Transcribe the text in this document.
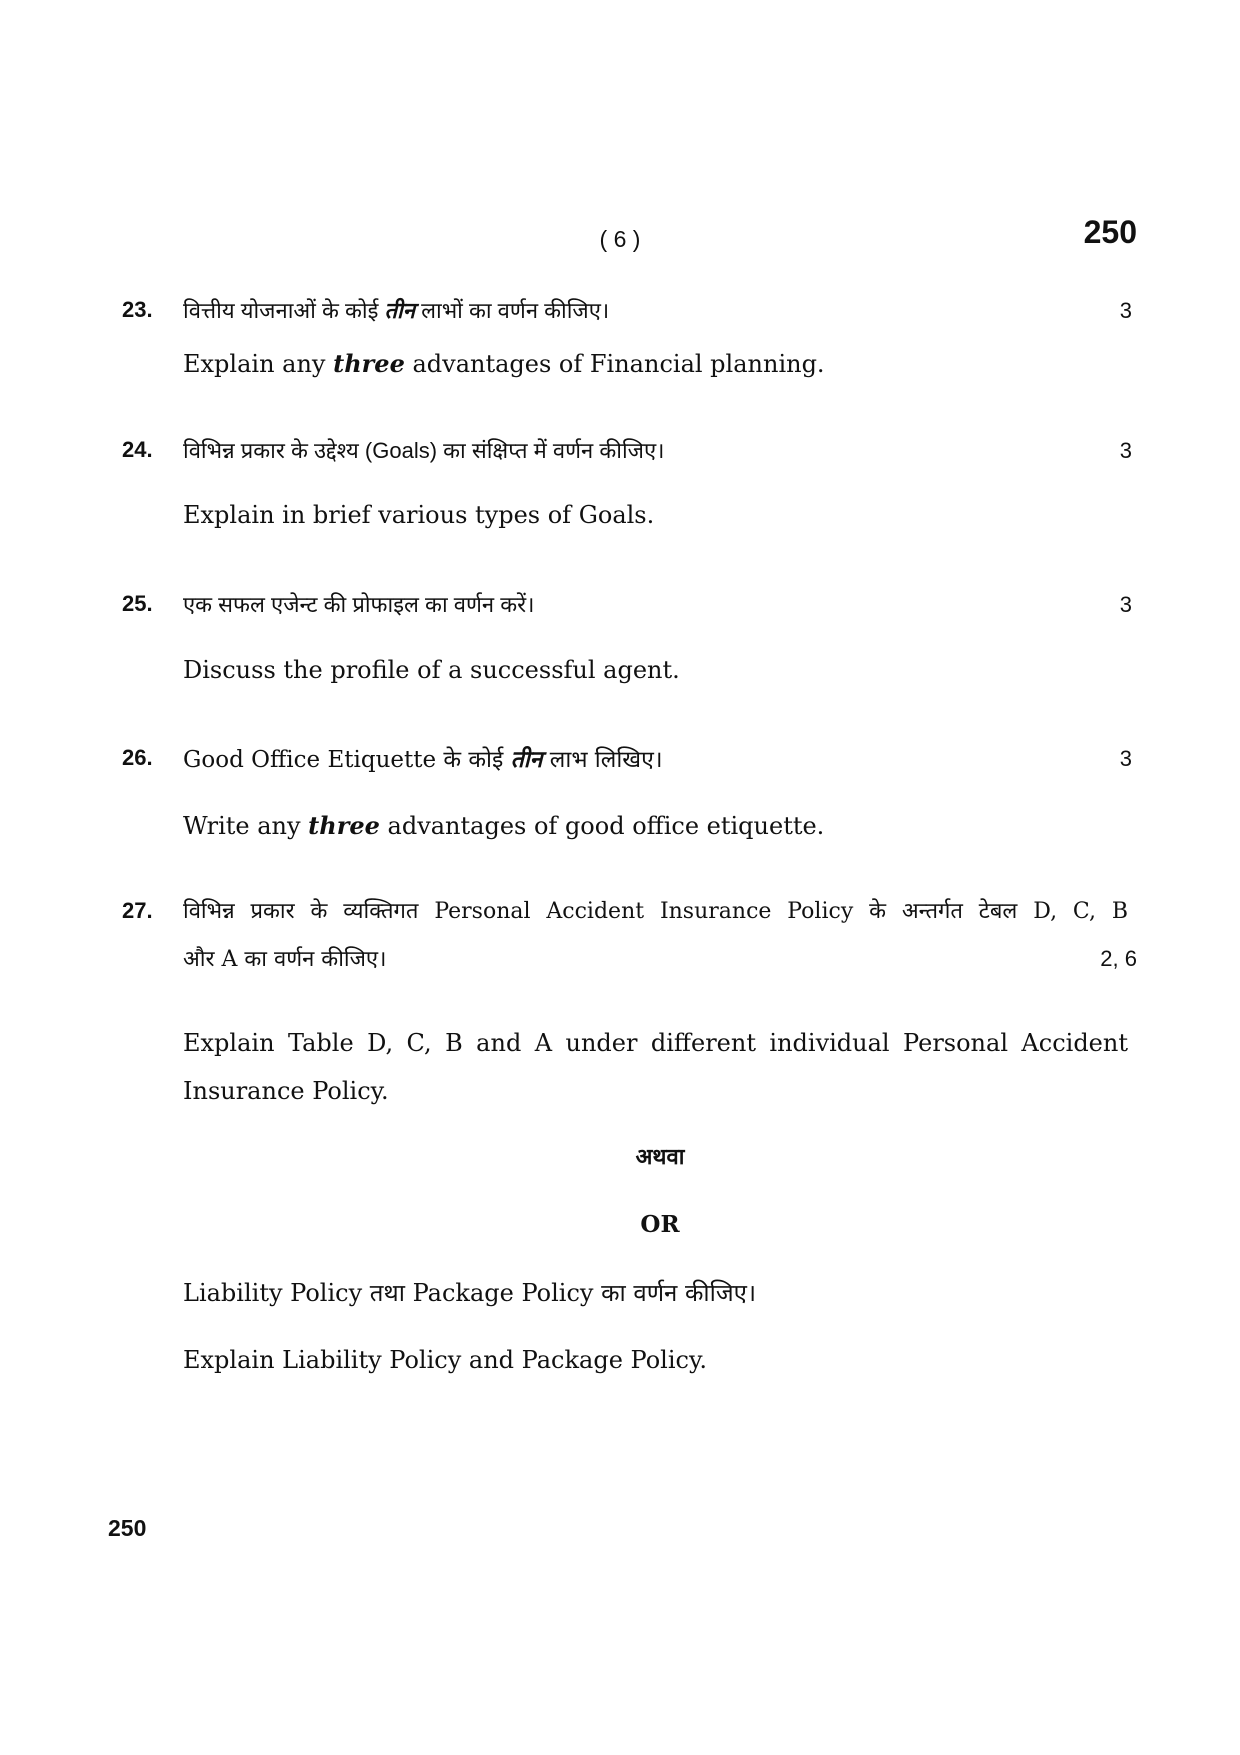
( 6 )	250
23. वित्तीय योजनाओं के कोई तीन लाभों का वर्णन कीजिए।	3
Explain any three advantages of Financial planning.
24. विभिन्न प्रकार के उद्देश्य (Goals) का संक्षिप्त में वर्णन कीजिए।	3
Explain in brief various types of Goals.
25. एक सफल एजेन्ट की प्रोफाइल का वर्णन करें।	3
Discuss the profile of a successful agent.
26. Good Office Etiquette के कोई तीन लाभ लिखिए।	3
Write any three advantages of good office etiquette.
27. विभिन्न प्रकार के व्यक्तिगत Personal Accident Insurance Policy के अन्तर्गत टेबल D, C, B
और A का वर्णन कीजिए।	2, 6
Explain Table D, C, B and A under different individual Personal Accident
Insurance Policy.
अथवा
OR
Liability Policy तथा Package Policy का वर्णन कीजिए।
Explain Liability Policy and Package Policy.
250
